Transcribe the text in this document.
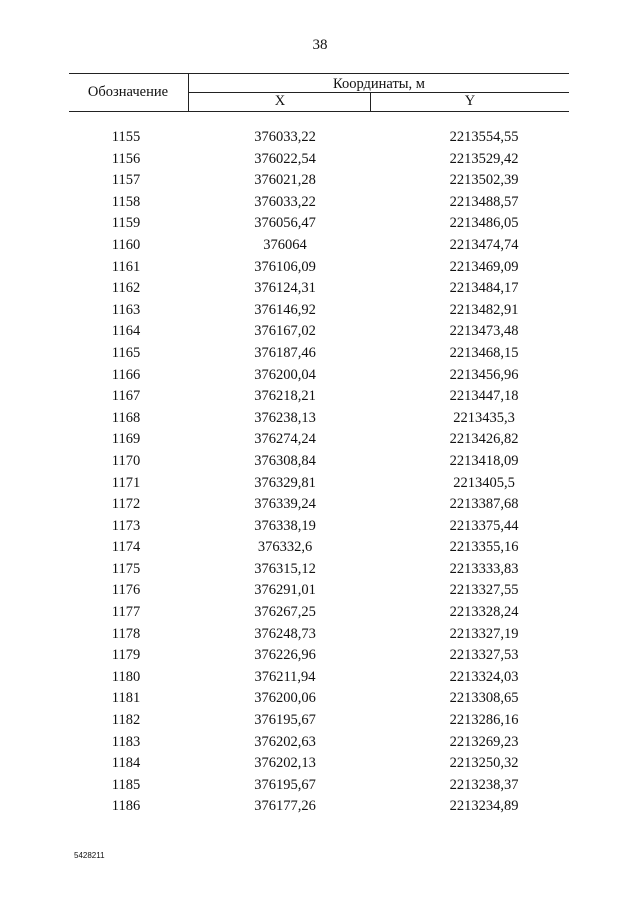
38
Обозначение	Координаты, м
X	Y
1155	376033,22	2213554,55
1156	376022,54	2213529,42
1157	376021,28	2213502,39
1158	376033,22	2213488,57
1159	376056,47	2213486,05
1160	376064	2213474,74
1161	376106,09	2213469,09
1162	376124,31	2213484,17
1163	376146,92	2213482,91
1164	376167,02	2213473,48
1165	376187,46	2213468,15
1166	376200,04	2213456,96
1167	376218,21	2213447,18
1168	376238,13	2213435,3
1169	376274,24	2213426,82
1170	376308,84	2213418,09
1171	376329,81	2213405,5
1172	376339,24	2213387,68
1173	376338,19	2213375,44
1174	376332,6	2213355,16
1175	376315,12	2213333,83
1176	376291,01	2213327,55
1177	376267,25	2213328,24
1178	376248,73	2213327,19
1179	376226,96	2213327,53
1180	376211,94	2213324,03
1181	376200,06	2213308,65
1182	376195,67	2213286,16
1183	376202,63	2213269,23
1184	376202,13	2213250,32
1185	376195,67	2213238,37
1186	376177,26	2213234,89
5428211
